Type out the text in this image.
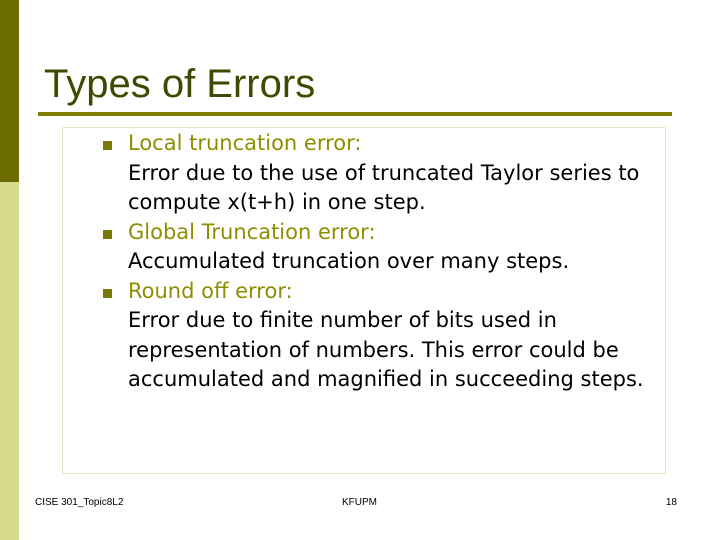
Types of Errors
Local truncation error:
Error due to the use of truncated Taylor series to compute x(t+h) in one step.
Global Truncation error:
Accumulated truncation over many steps.
Round off error:
Error due to finite number of bits used in representation of numbers. This error could be accumulated and magnified in succeeding steps.
CISE 301_Topic8L2	KFUPM	18
